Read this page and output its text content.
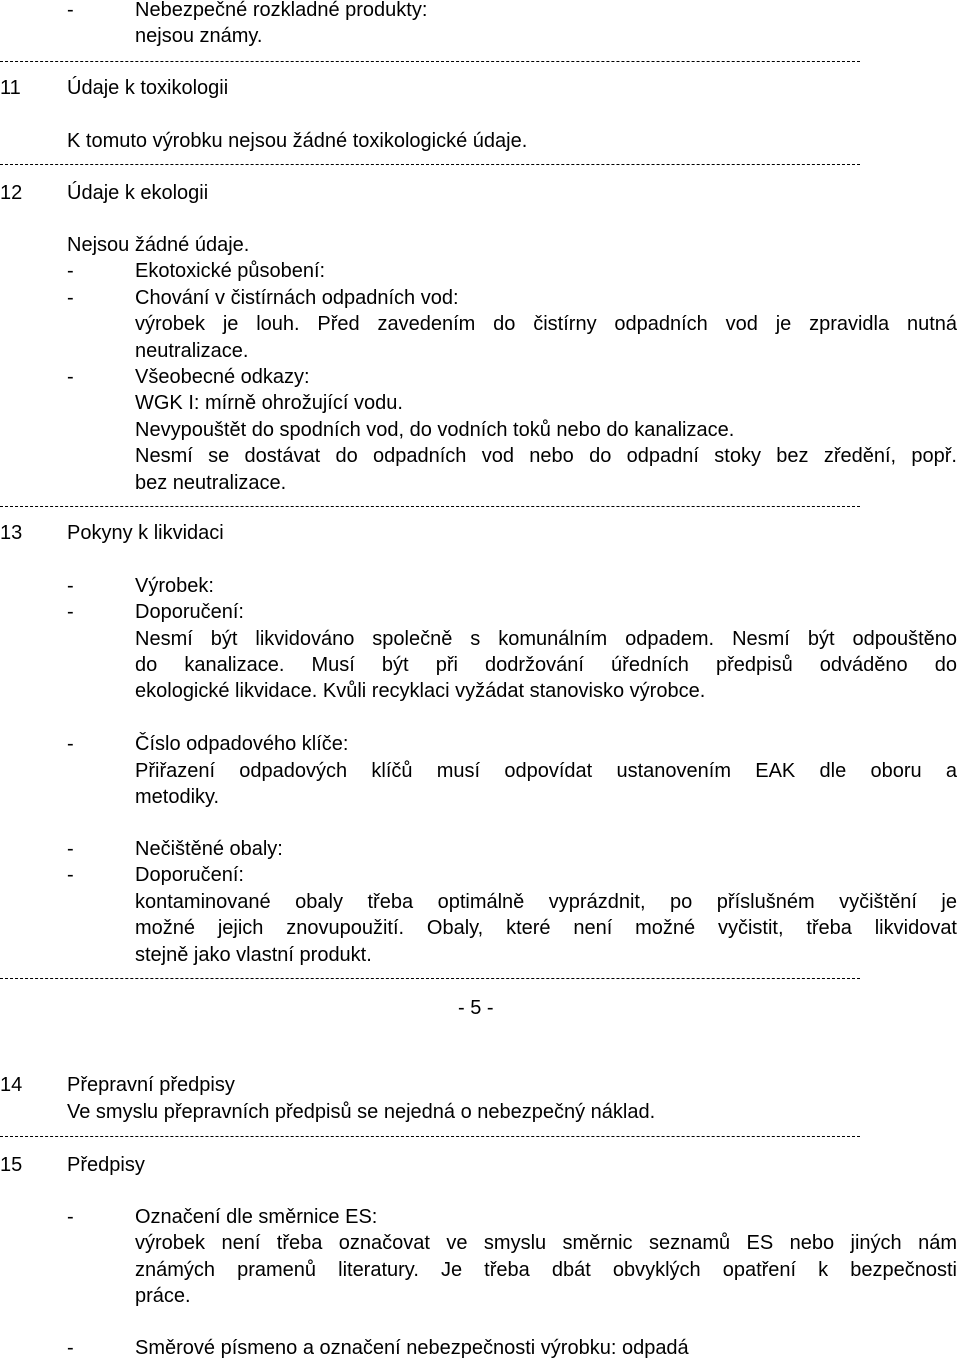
-	Nebezpečné rozkladné produkty:
nejsou známy.
11 Údaje k toxikologii
K tomuto výrobku nejsou žádné toxikologické údaje.
12 Údaje k ekologii
Nejsou žádné údaje.
-	Ekotoxické působení:
-	Chování v čistírnách odpadních vod:
výrobek je louh. Před zavedením do čistírny odpadních vod je zpravidla nutná
neutralizace.
-	Všeobecné odkazy:
WGK I: mírně ohrožující vodu.
Nevypouštět do spodních vod, do vodních toků nebo do kanalizace.
Nesmí se dostávat do odpadních vod nebo do odpadní stoky bez zředění, popř.
bez neutralizace.
13 Pokyny k likvidaci
-	Výrobek:
-	Doporučení:
Nesmí být likvidováno společně s komunálním odpadem. Nesmí být odpouštěno
do kanalizace. Musí být při dodržování úředních předpisů odváděno do
ekologické likvidace. Kvůli recyklaci vyžádat stanovisko výrobce.
-	Číslo odpadového klíče:
Přiřazení odpadových klíčů musí odpovídat ustanovením EAK dle oboru a
metodiky.
-	Nečištěné obaly:
-	Doporučení:
kontaminované obaly třeba optimálně vyprázdnit, po příslušném vyčištění je
možné jejich znovupoužití. Obaly, které není možné vyčistit, třeba likvidovat
stejně jako vlastní produkt.
- 5 -
14 Přepravní předpisy
Ve smyslu přepravních předpisů se nejedná o nebezpečný náklad.
15 Předpisy
-	Označení dle směrnice ES:
výrobek není třeba označovat ve smyslu směrnic seznamů ES nebo jiných nám
známých pramenů literatury. Je třeba dbát obvyklých opatření k bezpečnosti
práce.
-	Směrové písmeno a označení nebezpečnosti výrobku: odpadá
